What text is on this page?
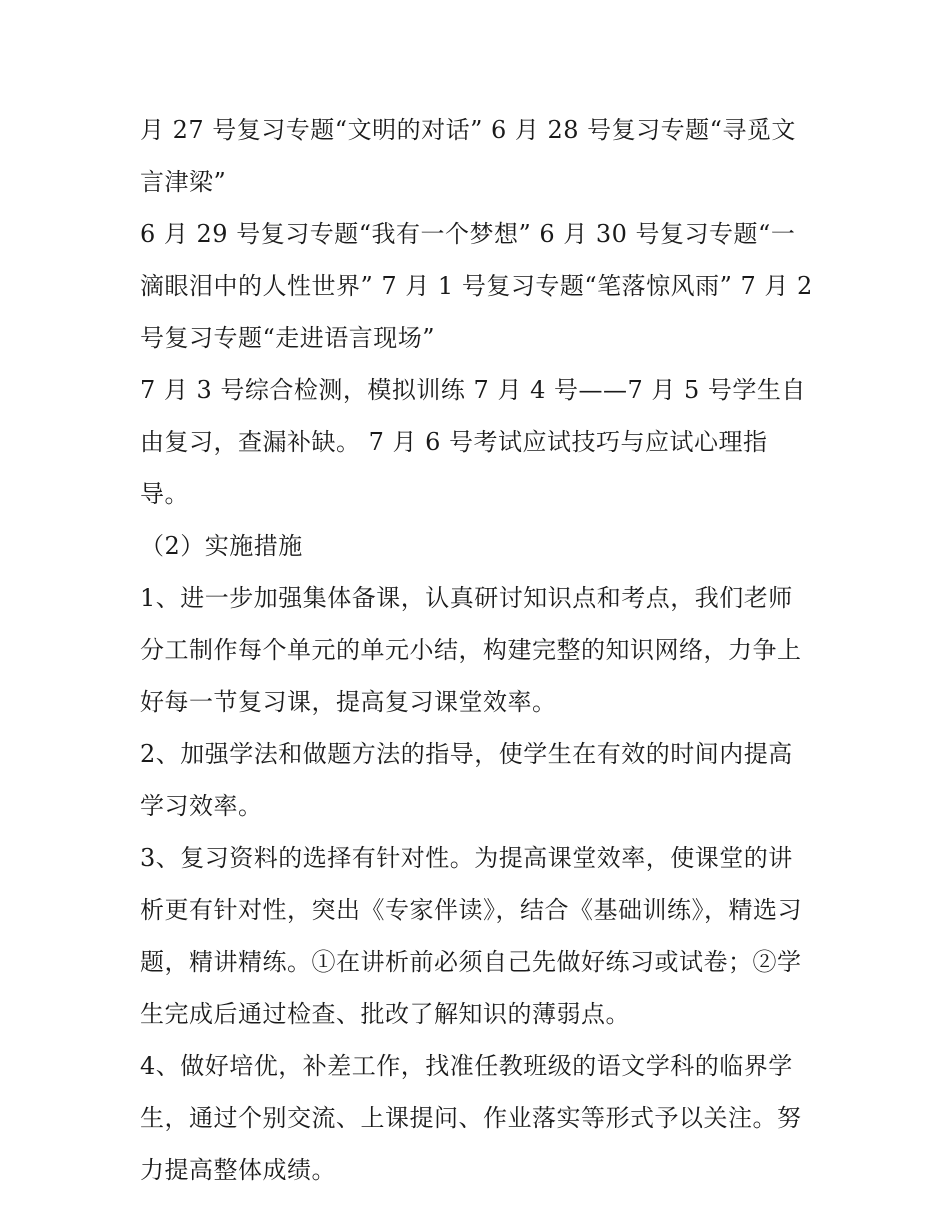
月 27 号复习专题“文明的对话” 6 月 28 号复习专题“寻觅文言津梁”

6 月 29 号复习专题“我有一个梦想” 6 月 30 号复习专题“一滴眼泪中的人性世界” 7 月 1 号复习专题“笔落惊风雨” 7 月 2 号复习专题“走进语言现场”

7 月 3 号综合检测，模拟训练 7 月 4 号——7 月 5 号学生自由复习，查漏补缺。 7 月 6 号考试应试技巧与应试心理指导。

（2）实施措施

1、进一步加强集体备课，认真研讨知识点和考点，我们老师分工制作每个单元的单元小结，构建完整的知识网络，力争上好每一节复习课，提高复习课堂效率。

2、加强学法和做题方法的指导，使学生在有效的时间内提高学习效率。

3、复习资料的选择有针对性。为提高课堂效率，使课堂的讲析更有针对性，突出《专家伴读》，结合《基础训练》，精选习题，精讲精练。①在讲析前必须自己先做好练习或试卷；②学生完成后通过检查、批改了解知识的薄弱点。

4、做好培优，补差工作，找准任教班级的语文学科的临界学生，通过个别交流、上课提问、作业落实等形式予以关注。努力提高整体成绩。
